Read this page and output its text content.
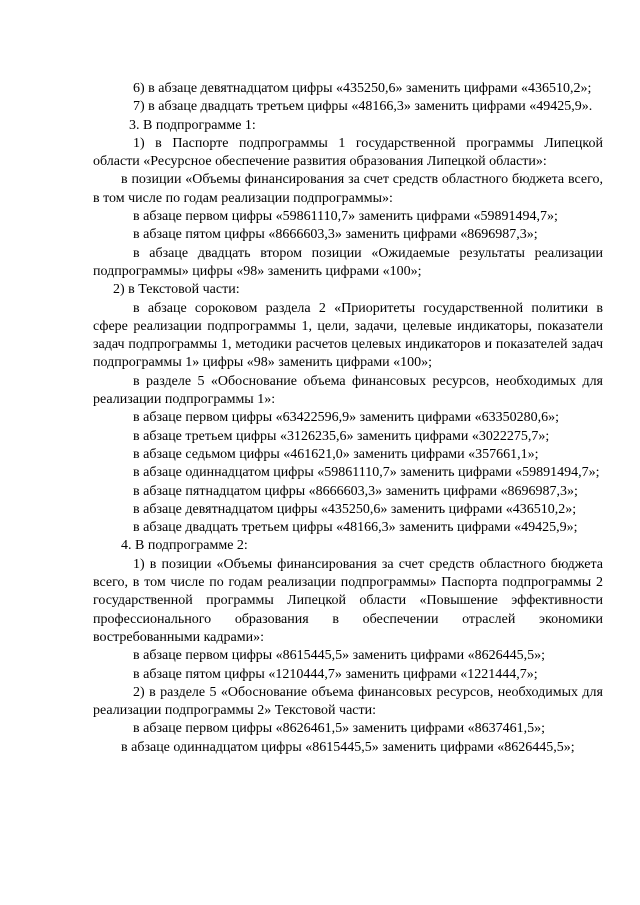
6) в абзаце девятнадцатом цифры «435250,6» заменить цифрами «436510,2»;

7) в абзаце двадцать третьем цифры «48166,3» заменить цифрами «49425,9».

3. В подпрограмме 1:

1) в Паспорте подпрограммы 1 государственной программы Липецкой области «Ресурсное обеспечение развития образования Липецкой области»:

в позиции «Объемы финансирования за счет средств областного бюджета всего, в том числе по годам реализации подпрограммы»:

в абзаце первом цифры «59861110,7» заменить цифрами «59891494,7»;

в абзаце пятом цифры «8666603,3» заменить цифрами «8696987,3»;

в абзаце двадцать втором позиции «Ожидаемые результаты реализации подпрограммы» цифры «98» заменить цифрами «100»;

2) в Текстовой части:

в абзаце сороковом раздела 2 «Приоритеты государственной политики в сфере реализации подпрограммы 1, цели, задачи, целевые индикаторы, показатели задач подпрограммы 1, методики расчетов целевых индикаторов и показателей задач подпрограммы 1» цифры «98» заменить цифрами «100»;

в разделе 5 «Обоснование объема финансовых ресурсов, необходимых для реализации подпрограммы 1»:

в абзаце первом цифры «63422596,9» заменить цифрами «63350280,6»;

в абзаце третьем цифры «3126235,6» заменить цифрами «3022275,7»;

в абзаце седьмом цифры «461621,0» заменить цифрами «357661,1»;

в абзаце одиннадцатом цифры «59861110,7» заменить цифрами «59891494,7»;

в абзаце пятнадцатом цифры «8666603,3» заменить цифрами «8696987,3»;

в абзаце девятнадцатом цифры «435250,6» заменить цифрами «436510,2»;

в абзаце двадцать третьем цифры «48166,3» заменить цифрами «49425,9»;

4. В подпрограмме 2:

1) в позиции «Объемы финансирования за счет средств областного бюджета всего, в том числе по годам реализации подпрограммы» Паспорта подпрограммы 2 государственной программы Липецкой области «Повышение эффективности профессионального образования в обеспечении отраслей экономики востребованными кадрами»:

в абзаце первом цифры «8615445,5» заменить цифрами «8626445,5»;

в абзаце пятом цифры «1210444,7» заменить цифрами «1221444,7»;

2) в разделе 5 «Обоснование объема финансовых ресурсов, необходимых для реализации подпрограммы 2» Текстовой части:

в абзаце первом цифры «8626461,5» заменить цифрами «8637461,5»;

в абзаце одиннадцатом цифры «8615445,5» заменить цифрами «8626445,5»;
